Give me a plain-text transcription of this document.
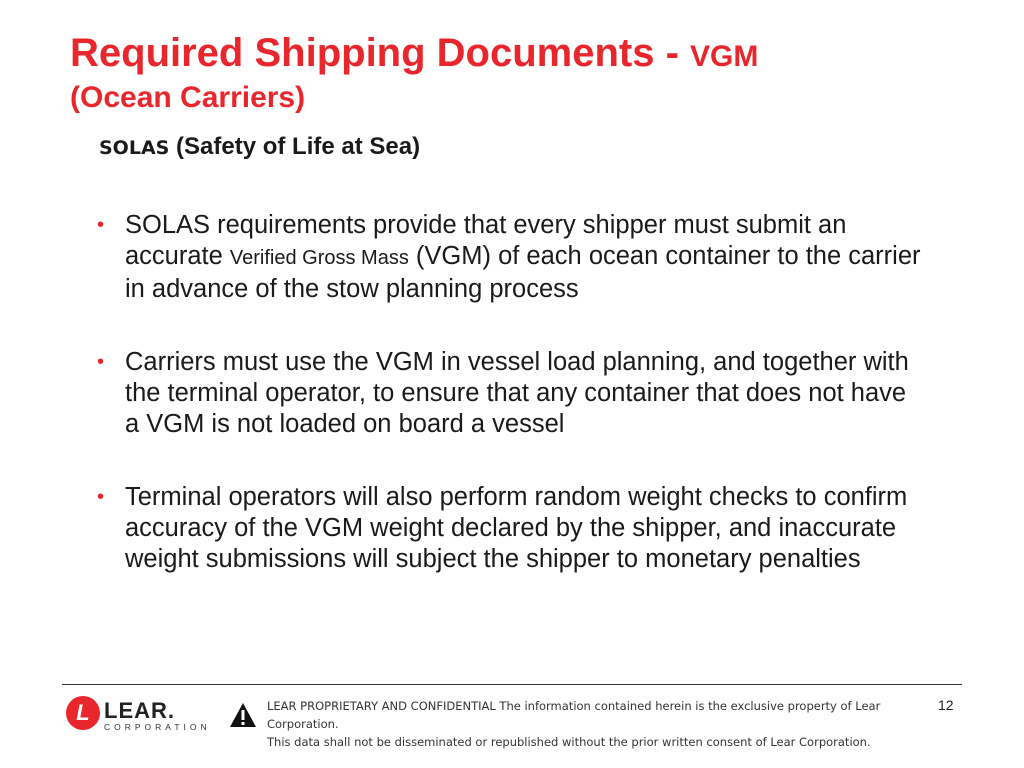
Required Shipping Documents - VGM
(Ocean Carriers)
SOLAS (Safety of Life at Sea)
• SOLAS requirements provide that every shipper must submit an accurate Verified Gross Mass (VGM) of each ocean container to the carrier in advance of the stow planning process
• Carriers must use the VGM in vessel load planning, and together with the terminal operator, to ensure that any container that does not have a VGM is not loaded on board a vessel
• Terminal operators will also perform random weight checks to confirm accuracy of the VGM weight declared by the shipper, and inaccurate weight submissions will subject the shipper to monetary penalties
L LEAR.
CORPORATION
LEAR PROPRIETARY AND CONFIDENTIAL The information contained herein is the exclusive property of Lear Corporation.
This data shall not be disseminated or republished without the prior written consent of Lear Corporation.
12
